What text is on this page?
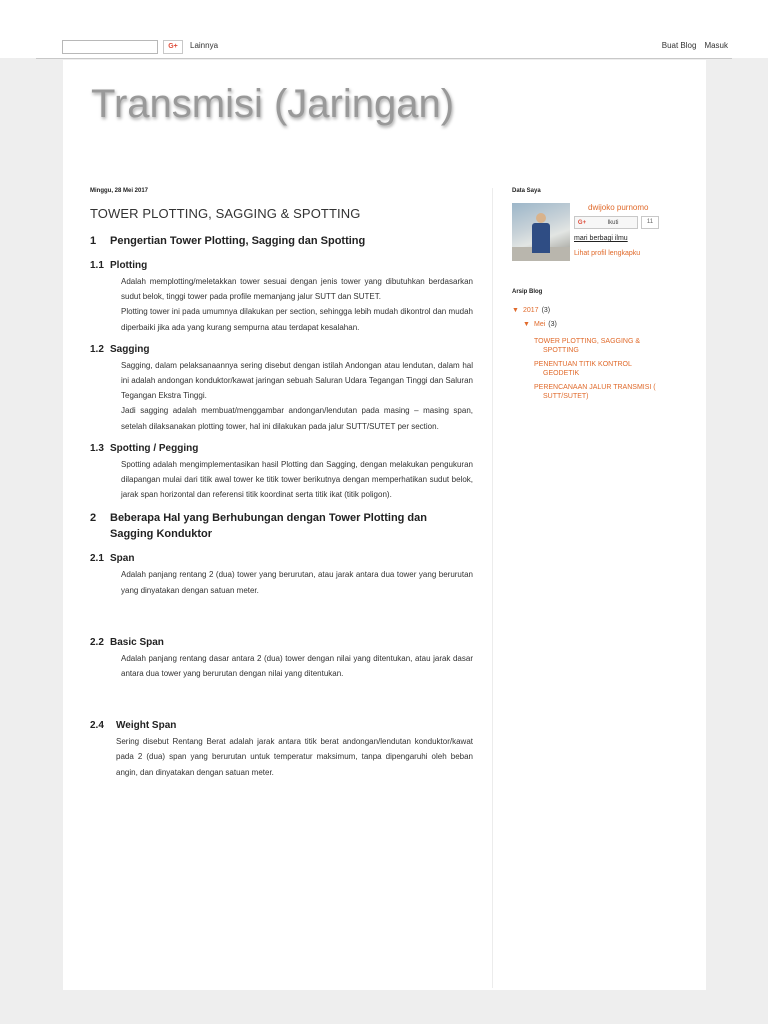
G+	Lainnya	Buat Blog Masuk
Transmisi (Jaringan)
Minggu, 28 Mei 2017
TOWER PLOTTING, SAGGING & SPOTTING
1	Pengertian Tower Plotting, Sagging dan Spotting
1.1 Plotting

Adalah memplotting/meletakkan tower sesuai dengan jenis tower yang dibutuhkan berdasarkan sudut belok, tinggi tower pada profile memanjang jalur SUTT dan SUTET.

Plotting tower ini pada umumnya dilakukan per section, sehingga lebih mudah dikontrol dan mudah diperbaiki jika ada yang kurang sempurna atau terdapat kesalahan.

1.2 Sagging

Sagging, dalam pelaksanaannya sering disebut dengan istilah Andongan atau lendutan, dalam hal ini adalah andongan konduktor/kawat jaringan sebuah Saluran Udara Tegangan Tinggi dan Saluran Tegangan Ekstra Tinggi.

Jadi sagging adalah membuat/menggambar andongan/lendutan pada masing – masing span, setelah dilaksanakan plotting tower, hal ini dilakukan pada jalur SUTT/SUTET per section.

1.3 Spotting / Pegging

Spotting adalah mengimplementasikan hasil Plotting dan Sagging, dengan melakukan pengukuran dilapangan mulai dari titik awal tower ke titik tower berikutnya dengan memperhatikan sudut belok, jarak span horizontal dan referensi titik koordinat serta titik ikat (titik poligon).

2	Beberapa Hal yang Berhubungan dengan Tower Plotting dan Sagging Konduktor
2.1 Span

Adalah panjang rentang 2 (dua) tower yang berurutan, atau jarak antara dua tower yang berurutan yang dinyatakan dengan satuan meter.

2.2 Basic Span

Adalah panjang rentang dasar antara 2 (dua) tower dengan nilai yang ditentukan, atau jarak dasar antara dua tower yang berurutan dengan nilai yang ditentukan.

2.4	Weight Span

Sering disebut Rentang Berat adalah jarak antara titik berat andongan/lendutan konduktor/kawat pada 2 (dua) span yang berurutan untuk temperatur maksimum, tanpa dipengaruhi oleh beban angin, dan dinyatakan dengan satuan meter.

Data Saya
dwijoko purnomo
G+	Ikuti	11
mari berbagi ilmu
Lihat profil lengkapku
Arsip Blog
▼ 2017 (3)
▼ Mei (3)
TOWER PLOTTING, SAGGING &
SPOTTING
PENENTUAN TITIK KONTROL
GEODETIK
PERENCANAAN JALUR TRANSMISI (
SUTT/SUTET)
